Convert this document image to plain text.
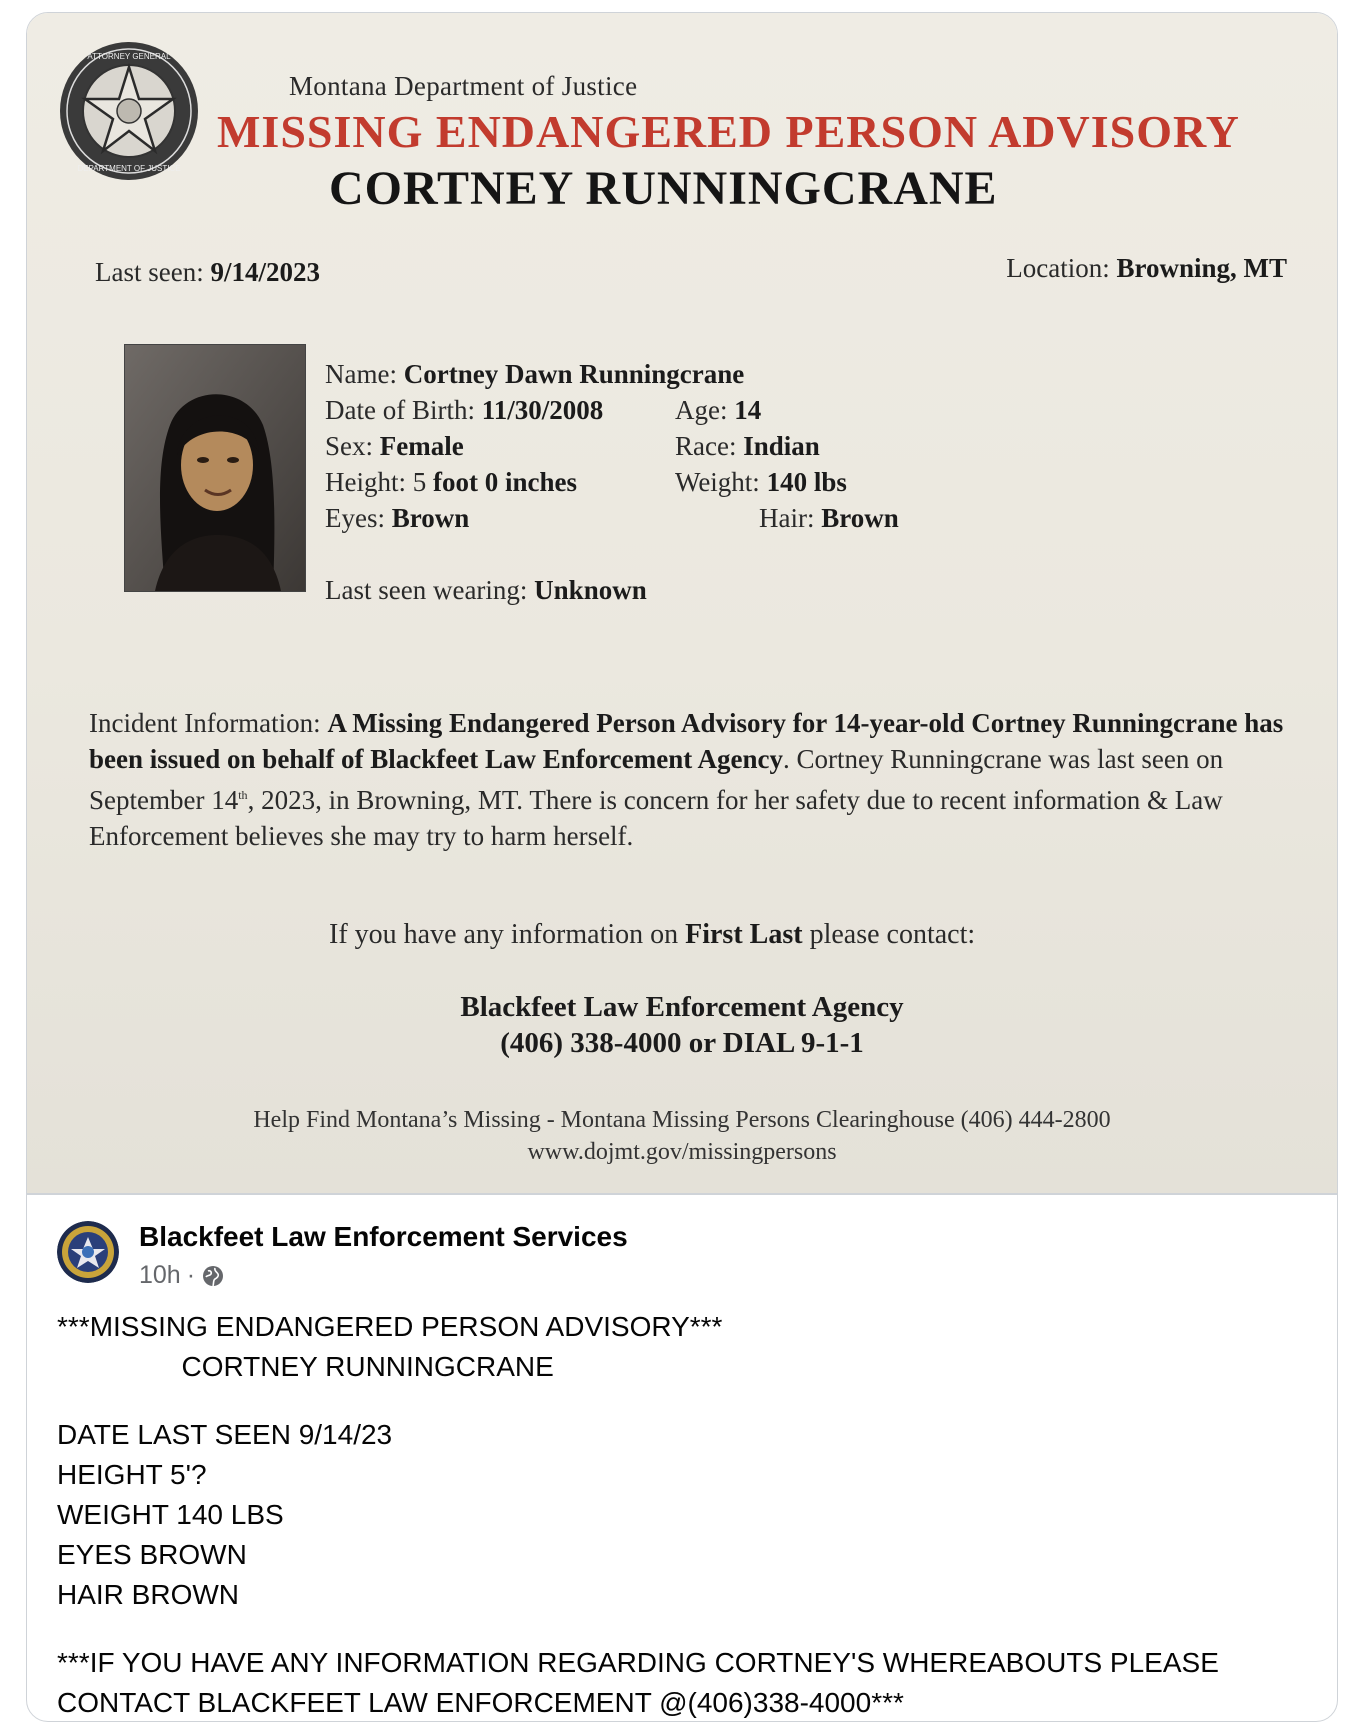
ATTORNEY GENERAL
DEPARTMENT OF JUSTICE
Montana Department of Justice
MISSING ENDANGERED PERSON ADVISORY
CORTNEY RUNNINGCRANE
Last seen: 9/14/2023	Location: Browning, MT
Name: Cortney Dawn Runningcrane
Date of Birth: 11/30/2008	Age: 14
Sex: Female	Race: Indian
Height: 5 foot 0 inches	Weight: 140 lbs
Eyes: Brown	Hair: Brown
Last seen wearing: Unknown
Incident Information: A Missing Endangered Person Advisory for 14-year-old Cortney Runningcrane has been issued on behalf of Blackfeet Law Enforcement Agency. Cortney Runningcrane was last seen on September 14th, 2023, in Browning, MT. There is concern for her safety due to recent information & Law Enforcement believes she may try to harm herself.
If you have any information on First Last please contact:
Blackfeet Law Enforcement Agency
(406) 338-4000 or DIAL 9-1-1
Help Find Montana’s Missing - Montana Missing Persons Clearinghouse (406) 444-2800
www.dojmt.gov/missingpersons
Blackfeet Law Enforcement Services
10h ·
***MISSING ENDANGERED PERSON ADVISORY***
CORTNEY RUNNINGCRANE
DATE LAST SEEN 9/14/23
HEIGHT 5'?
WEIGHT 140 LBS
EYES BROWN
HAIR BROWN
***IF YOU HAVE ANY INFORMATION REGARDING CORTNEY'S WHEREABOUTS PLEASE
CONTACT BLACKFEET LAW ENFORCEMENT @(406)338-4000***
